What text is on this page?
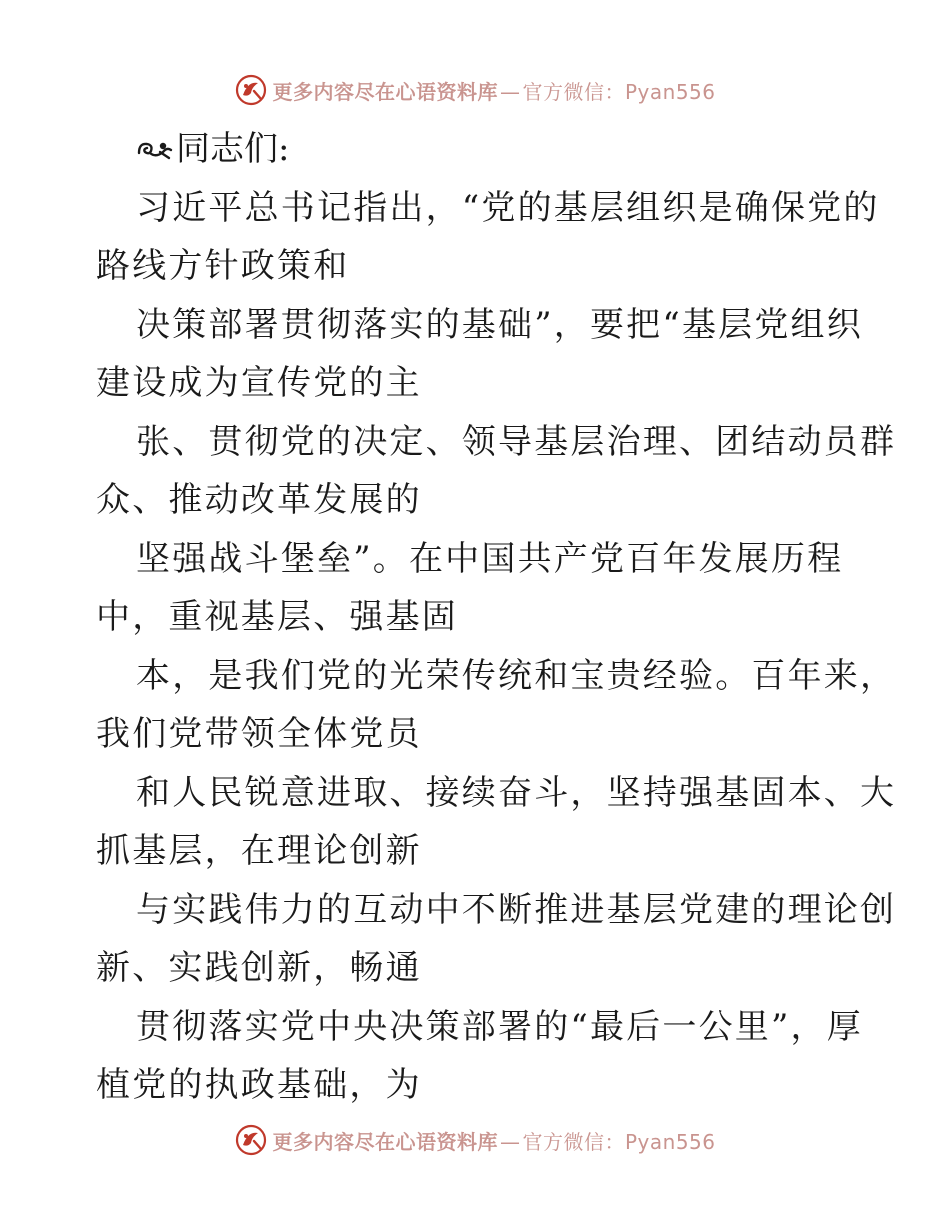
更多内容尽在心语资料库 — 官方微信：Pyan556
同志们:
习近平总书记指出，“党的基层组织是确保党的
路线方针政策和
决策部署贯彻落实的基础”，要把“基层党组织
建设成为宣传党的主
张、贯彻党的决定、领导基层治理、团结动员群
众、推动改革发展的
坚强战斗堡垒”。在中国共产党百年发展历程
中，重视基层、强基固
本，是我们党的光荣传统和宝贵经验。百年来，
我们党带领全体党员
和人民锐意进取、接续奋斗，坚持强基固本、大
抓基层，在理论创新
与实践伟力的互动中不断推进基层党建的理论创
新、实践创新，畅通
贯彻落实党中央决策部署的“最后一公里”，厚
植党的执政基础，为
更多内容尽在心语资料库 — 官方微信：Pyan556
